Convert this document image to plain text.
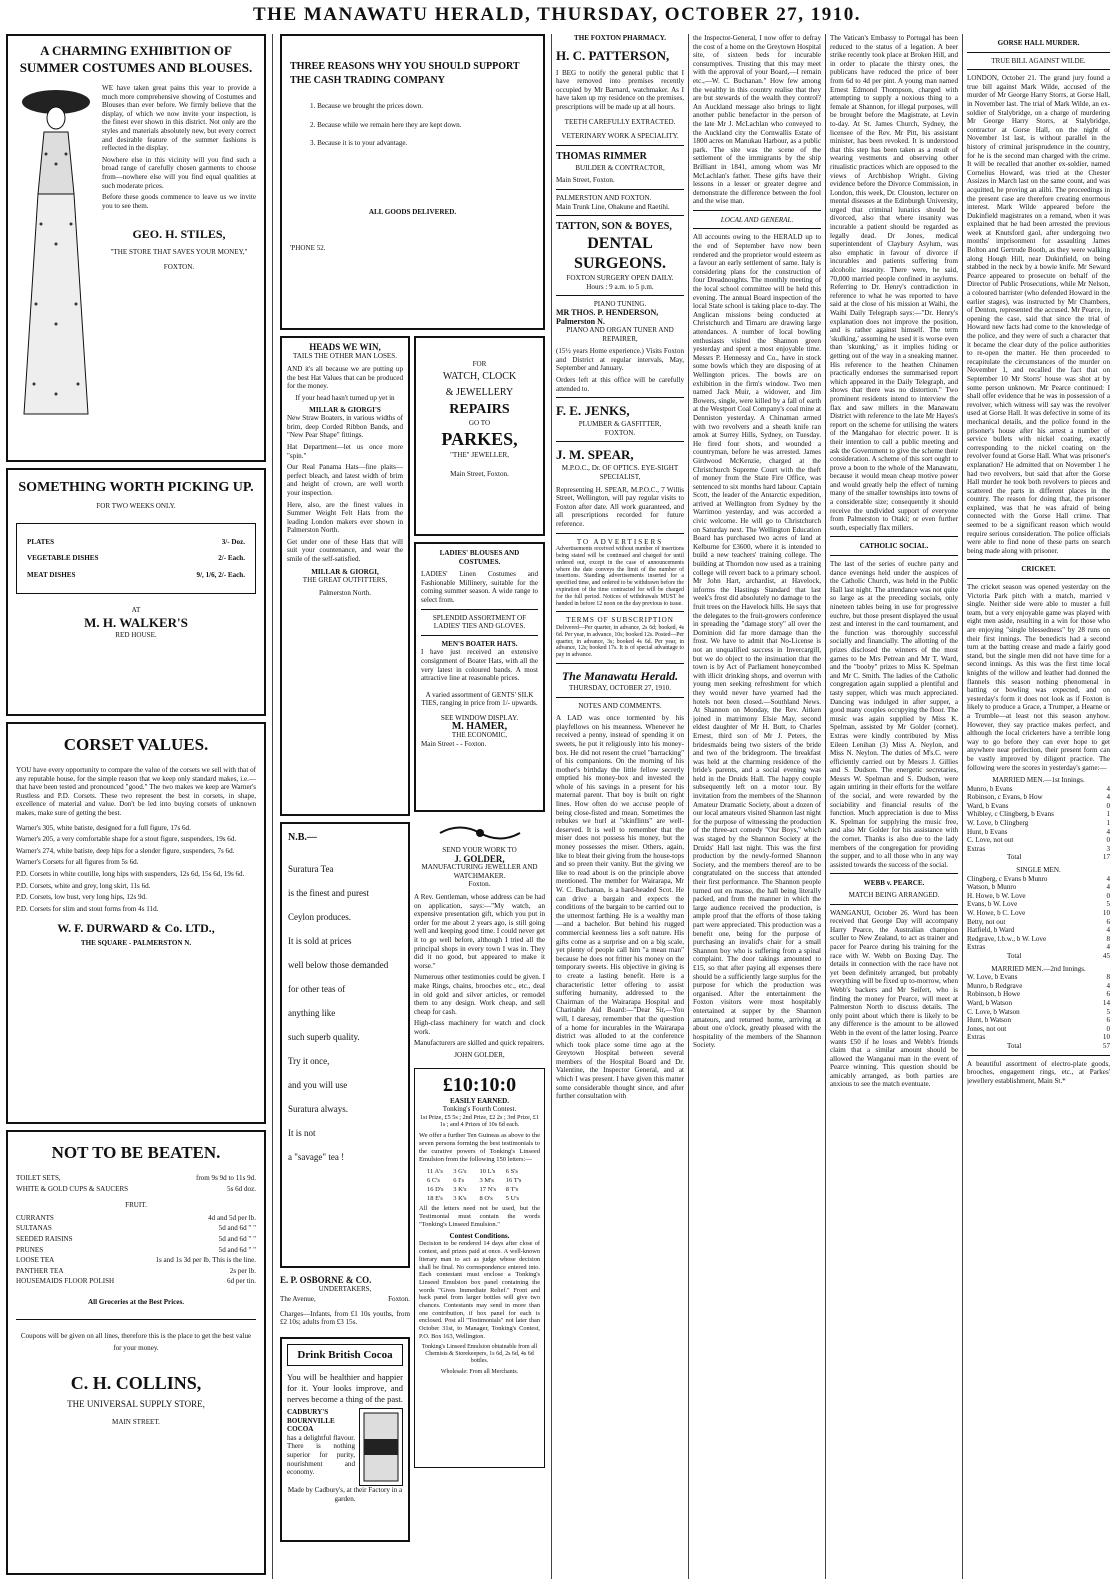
THE MANAWATU HERALD, THURSDAY, OCTOBER 27, 1910.
A CHARMING EXHIBITION OF SUMMER COSTUMES AND BLOUSES.

WE have taken great pains this year to provide a much more comprehensive showing of Costumes and Blouses than ever before. We firmly believe that the display, of which we now invite your inspection, is the finest ever shown in this district. Not only are the styles and materials absolutely new, but every correct and desirable feature of the summer fashions is reflected in the display.

Nowhere else in this vicinity will you find such a broad range of carefully chosen garments to choose from—nowhere else will you find equal qualities at such moderate prices.

Before these goods commence to leave us we invite you to see them.

GEO. H. STILES,
"THE STORE THAT SAVES YOUR MONEY,"
FOXTON.
SOMETHING WORTH PICKING UP.
FOR TWO WEEKS ONLY.
PLATES	3/- Doz.
VEGETABLE DISHES	2/- Each.
MEAT DISHES	9/, 1/6, 2/- Each.
AT
M. H. WALKER'S
RED HOUSE.
CORSET VALUES.

YOU have every opportunity to compare the value of the corsets we sell with that of any reputable house, for the simple reason that we keep only standard makes, i.e.—that have been tested and pronounced "good." The two makes we keep are Warner's Rustless and P.D. Corsets. These two represent the best in corsets, in shape, excellence of material and value. Don't be led into buying corsets of unknown makes, make sure of getting the best.

Warner's 305, white batiste, designed for a full figure, 17s 6d.

Warner's 205, a very comfortable shape for a stout figure, suspenders, 19s 6d.

Warner's 274, white batiste, deep hips for a slender figure, suspenders, 7s 6d.

Warner's Corsets for all figures from 5s 6d.

P.D. Corsets in white coutille, long hips with suspenders, 12s 6d, 15s 6d, 19s 6d.

P.D. Corsets, white and grey, long skirt, 11s 6d.

P.D. Corsets, low bust, very long hips, 12s 9d.

P.D. Corsets for slim and stout forms from 4s 11d.

W. F. DURWARD & Co. LTD.,
THE SQUARE - PALMERSTON N.
NOT TO BE BEATEN.
TOILET SETS,	from 9s 9d to 11s 9d.
WHITE & GOLD CUPS & SAUCERS	5s 6d doz.
FRUIT.
CURRANTS	4d and 5d per lb.
SULTANAS	5d and 6d " "
SEEDED RAISINS	5d and 6d " "
PRUNES	5d and 6d " "
LOOSE TEA	1s and 1s 3d per lb. This is the line.
PANTHER TEA	2s per lb.
HOUSEMAIDS FLOOR POLISH	6d per tin.
All Groceries at the Best Prices.

Coupons will be given on all lines, therefore this is the place to get the best value for your money.

C. H. COLLINS,
THE UNIVERSAL SUPPLY STORE,
MAIN STREET.
THREE REASONS WHY YOU SHOULD SUPPORT THE CASH TRADING COMPANY
1. Because we brought the prices down.
2. Because while we remain here they are kept down.
3. Because it is to your advantage.
ALL GOODS DELIVERED.
'PHONE 52.
HEADS WE WIN,
TAILS THE OTHER MAN LOSES.

AND it's all because we are putting up the best Hat Values that can be produced for the money.

If your head hasn't turned up yet in

MILLAR & GIORGI'S

New Straw Boaters, in various widths of brim, deep Corded Ribbon Bands, and "New Pear Shape" fittings.

Hat Department—let us once more "spin."

Our Real Panama Hats—fine plaits—perfect bleach, and latest width of brim and height of crown, are well worth your inspection.

Here, also, are the finest values in Summer Weight Felt Hats from the leading London makers ever shown in Palmerston North.

Get under one of these Hats that will suit your countenance, and wear the smile of the self-satisfied.

MILLAR & GIORGI,
THE GREAT OUTFITTERS,
Palmerston North.
N.B.—
Suratura Tea
is the finest and purest
Ceylon produces.
It is sold at prices
well below those demanded
for other teas of
anything like
such superb quality.
Try it once,
and you will use
Suratura always.
It is not
a "savage" tea !
E. P. OSBORNE & CO.
UNDERTAKERS,
The Avenue,	Foxton.

Charges—Infants, from £1 10s youths, from £2 10s; adults from £3 15s.

Drink British Cocoa

You will be healthier and happier for it. Your looks improve, and nerves become a thing of the past.

CADBURY'S BOURNVILLE COCOA

has a delightful flavour. There is nothing superior for purity, nourishment and economy.

Made by Cadbury's, at their Factory in a garden.
FOR
WATCH, CLOCK
& JEWELLERY
REPAIRS
GO TO
PARKES,
"THE" JEWELLER,
Main Street, Foxton.
LADIES' BLOUSES AND COSTUMES.

LADIES' Linen Costumes and Fashionable Millinery, suitable for the coming summer season. A wide range to select from.

SPLENDID ASSORTMENT OF LADIES' TIES AND GLOVES.
MEN'S BOATER HATS.

I have just received an extensive consignment of Boater Hats, with all the very latest in coloured bands. A most attractive line at reasonable prices.

A varied assortment of GENTS' SILK TIES, ranging in price from 1/- upwards.

SEE WINDOW DISPLAY.
M. HAMER,
THE ECONOMIC,
Main Street - - Foxton.
SEND YOUR WORK TO
J. GOLDER,
MANUFACTURING JEWELLER AND WATCHMAKER.
Foxton.

A Rev. Gentleman, whose address can be had on application, says:—"My watch, an expensive presentation gift, which you put in order for me about 2 years ago, is still going well and keeping good time. I could never get it to go well before, although I tried all the principal shops in every town I was in. They did it no good, but appeared to make it worse."

Numerous other testimonies could be given. I make Rings, chains, brooches etc., etc., deal in old gold and silver articles, or remodel them to any design. Work cheap, and sell cheap for cash.

High-class machinery for watch and clock work.

Manufacturers are skilled and quick repairers.

JOHN GOLDER,
£10:10:0
EASILY EARNED.
Tonking's Fourth Contest.

1st Prize, £5 5s ; 2nd Prize, £2 2s ; 3rd Prize, £1 1s ; and 4 Prizes of 10s 6d each.

We offer a further Ten Guineas as above to the seven persons forming the best testimonials to the curative powers of Tonking's Linseed Emulsion from the following 150 letters:—

11 A's	3 G's	10 L's	6 S's
6 C's	6 I's	3 M's	16 T's
16 D's	3 K's	17 N's	8 T's
18 E's	3 K's	8 O's	5 U's

All the letters need not be used, but the Testimonial must contain the words "Tonking's Linseed Emulsion."

Contest Conditions.

Decision to be rendered 14 days after close of contest, and prizes paid at once. A well-known literary man to act as judge whose decision shall be final. No correspondence entered into. Each contestant must enclose a Tonking's Linseed Emulsion box panel containing the words "Gives Immediate Relief." Front and back panel from larger bottles will give two chances. Contestants may send in more than one contribution, if box panel for each is enclosed. Post all "Testimonials" not later than October 31st, to Manager, Tonking's Contest, P.O. Box 163, Wellington.

Tonking's Linseed Emulsion obtainable from all Chemists & Storekeepers, 1s 6d, 2s 6d, 4s 6d bottles.

Wholesale: From all Merchants.
THE FOXTON PHARMACY.
H. C. PATTERSON,

I BEG to notify the general public that I have removed into premises recently occupied by Mr Barnard, watchmaker. As I have taken up my residence on the premises, prescriptions will be made up at all hours.

TEETH CAREFULLY EXTRACTED.
VETERINARY WORK A SPECIALITY.
THOMAS RIMMER
BUILDER & CONTRACTOR,
Main Street, Foxton.
PALMERSTON AND FOXTON.
Main Trunk Line, Ohakune and Raetihi.
TATTON, SON & BOYES,
DENTAL SURGEONS.
FOXTON SURGERY OPEN DAILY.
Hours : 9 a.m. to 5 p.m.
PIANO TUNING.
MR THOS. P. HENDERSON, Palmerston N.
PIANO AND ORGAN TUNER AND REPAIRER,

(15½ years Home experience.) Visits Foxton and District at regular intervals, May, September and January.

Orders left at this office will be carefully attended to.

F. E. JENKS,
PLUMBER & GASFITTER,
FOXTON.
J. M. SPEAR,
M.P.O.C., Dr. OF OPTICS. EYE-SIGHT SPECIALIST,

Representing H. SPEAR, M.P.O.C., 7 Willis Street, Wellington, will pay regular visits to Foxton after date. All work guaranteed, and all prescriptions recorded for future reference.

TO ADVERTISERS

Advertisements received without number of insertions being stated will be continued and charged for until ordered out, except in the case of announcements where the date conveys the limit of the number of insertions. Standing advertisements inserted for a specified time, and ordered to be withdrawn before the expiration of the time contracted for will be charged for the full period. Notices of withdrawals MUST be handed in before 12 noon on the day previous to issue.

TERMS OF SUBSCRIPTION

Delivered—Per quarter, in advance, 2s 6d; booked, 4s 6d. Per year, in advance, 10s; booked 12s. Posted—Per quarter, in advance, 3s; booked 4s 6d. Per year, in advance, 12s; booked 17s. It is of special advantage to pay in advance.

The Manawatu Herald.
THURSDAY, OCTOBER 27, 1910.
NOTES AND COMMENTS.

A LAD was once tormented by his playfellows on his meanness. Whenever he received a penny, instead of spending it on sweets, he put it religiously into his money-box. He did not resent the cruel "barracking" of his companions. On the morning of his mother's birthday the little fellow secretly emptied his money-box and invested the whole of his savings in a present for his maternal parent. That boy is built on right lines. How often do we accuse people of being close-fisted and mean. Sometimes the rebukes we hurl at "skinflints" are well-deserved. It is well to remember that the miser does not possess his money, but the money possesses the miser. Others, again, like to bleat their giving from the house-tops and so preen their vanity. But the giving we like to read about is on the principle above mentioned. The member for Wairarapa, Mr W. C. Buchanan, is a hard-headed Scot. He can drive a bargain and expects the conditions of the bargain to be carried out to the uttermost farthing. He is a wealthy man—and a bachelor. But behind his rugged commercial keenness lies a soft nature. His gifts come as a surprise and on a big scale, yet plenty of people call him "a mean man" because he does not fritter his money on the temporary sweets. His objective in giving is to create a lasting benefit. Here is a characteristic letter offering to assist suffering humanity, addressed to the Chairman of the Wairarapa Hospital and Charitable Aid Board:—"Dear Sir,—You will, I daresay, remember that the question of a home for incurables in the Wairarapa district was alluded to at the conference which took place some time ago at the Greytown Hospital between several members of the Hospital Board and Dr. Valentine, the Inspector General, and at which I was present. I have given this matter some considerable thought since, and after further consultation with

the Inspector-General, I now offer to defray the cost of a home on the Greytown Hospital site, of sixteen beds for incurable consumptives. Trusting that this may meet with the approval of your Board,—I remain etc.,—W. C. Buchanan." How few among the wealthy in this country realise that they are but stewards of the wealth they control? An Auckland message also brings to light another public benefactor in the person of the late Mr J. McLachlan who conveyed to the Auckland city the Cornwallis Estate of 1800 acres on Manukau Harbour, as a public park. The site was the scene of the settlement of the immigrants by the ship Brilliant in 1841, among whom was Mr McLachlan's father. These gifts have their lessons in a lesser or greater degree and demonstrate the difference between the fool and the wise man.

LOCAL AND GENERAL.

All accounts owing to the HERALD up to the end of September have now been rendered and the proprietor would esteem as a favour an early settlement of same. Italy is considering plans for the construction of four Dreadnoughts. The monthly meeting of the local school committee will be held this evening. The annual Board inspection of the local State school is taking place to-day. The Anglican missions being conducted at Christchurch and Timaru are drawing large attendances. A number of local bowling enthusiasts visited the Shannon green yesterday and spent a most enjoyable time. Messrs P. Hennessy and Co., have in stock some bowls which they are disposing of at Wellington prices. The bowls are on exhibition in the firm's window. Two men named Jack Muir, a widower, and Jim Bowers, single, were killed by a fall of earth at the Westport Coal Company's coal mine at Denniston yesterday. A Chinaman armed with two revolvers and a sheath knife ran amok at Surrey Hills, Sydney, on Tuesday. He fired four shots, and wounded a countryman, before he was arrested. James Girdwood McKenzie, charged at the Christchurch Supreme Court with the theft of money from the State Fire Office, was sentenced to six months hard labour. Captain Scott, the leader of the Antarctic expedition, arrived at Wellington from Sydney by the Warrimoo yesterday, and was accorded a civic welcome. He will go to Christchurch on Saturday next. The Wellington Education Board has purchased two acres of land at Kelburne for £3600, where it is intended to build a new teachers' training college. The building at Thorndon now used as a training college will revert back to a primary school. Mr John Hart, archardist, at Havelock, informs the Hastings Standard that last week's frost did absolutely no damage to the fruit trees on the Havelock hills. He says that the delegates to the fruit-growers conference in spreading the "damage story" all over the Dominion did far more damage than the frost. We have to admit that No-License is not an unqualified success in Invercargill, but we do object to the insinuation that the town is by Act of Parliament honeycombed with illicit drinking shops, and overrun with young men seeking refreshment for which they would never have yearned had the hotels not been closed.—Southland News. At Shannon on Monday, the Rev. Aitken joined in matrimony Elsie May, second eldest daughter of Mr H. Butt, to Charles Ernest, third son of Mr J. Peters, the bridesmaids being two sisters of the bride and two of the bridegroom. The breakfast was held at the charming residence of the bride's parents, and a social evening was held in the Druids Hall. The happy couple subsequently left on a motor tour. By invitation from the members of the Shannon Amateur Dramatic Society, about a dozen of our local amateurs visited Shannon last night for the purpose of witnessing the production of the three-act comedy "Our Boys," which was staged by the Shannon Society at the Druids' Hall last night. This was the first production by the newly-formed Shannon Society, and the members thereof are to be congratulated on the success that attended their first performance. The Shannon people turned out en masse, the hall being literally packed, and from the manner in which the large audience received the production, is ample proof that the efforts of those taking part were appreciated. This production was a benefit one, being for the purpose of purchasing an invalid's chair for a small Shannon boy who is suffering from a spinal complaint. The door takings amounted to £15, so that after paying all expenses there should be a sufficiently large surplus for the purpose for which the production was organised. After the entertainment the Foxton visitors were most hospitably entertained at supper by the Shannon amateurs, and returned home, arriving at about one o'clock, greatly pleased with the hospitality of the members of the Shannon Society.

The Vatican's Embassy to Portugal has been reduced to the status of a legation. A beer strike recently took place at Broken Hill, and in order to placate the thirsty ones, the publicans have reduced the price of beer from 6d to 4d per pint. A young man named Ernest Edmond Thompson, charged with attempting to supply a noxious thing to a female at Shannon, for illegal purposes, will be brought before the Magistrate, at Levin to-day. At St. James Church, Sydney, the licensee of the Rev. Mr Pitt, his assistant minister, has been revoked. It is understood that this step has been taken as a result of wearing vestments and observing other ritualistic practices which are opposed to the views of Archbishop Wright. Giving evidence before the Divorce Commission, in London, this week, Dr. Clouston, lecturer on mental diseases at the Edinburgh University, urged that criminal lunatics should be divorced, also that where insanity was incurable a patient should be regarded as legally dead. Dr Jones, medical superintendent of Claybury Asylum, was also emphatic in favour of divorce if incurables and patients suffering from alcoholic insanity. There were, he said, 70,000 married people confined in asylums. Referring to Dr. Henry's contradiction in reference to what he was reported to have said at the close of his mission at Waihi, the Waihi Daily Telegraph says:—"Dr. Henry's explanation does not improve the position, and is rather against himself. The term 'skulking,' assuming he used it is worse even than 'skunking,' as it implies hiding or getting out of the way in a sneaking manner. His reference to the heathen Chinamen practically endorses the summarised report which appeared in the Daily Telegraph, and shows that there was no distortion." Two prominent residents intend to interview the flax and saw millers in the Manawatu District with reference to the late Mr Hayes's report on the scheme for utilising the waters of the Mangahao for electric power. It is their intention to call a public meeting and ask the Government to give the scheme their consideration. A scheme of this sort ought to prove a boon to the whole of the Manawatu, because it would mean cheap motive power and would greatly help the effect of turning many of the smaller townships into towns of a considerable size; consequently it should receive the undivided support of everyone from Palmerston to Otaki; or even further south, especially flax millers.

CATHOLIC SOCIAL.

The last of the series of euchre party and dance evenings held under the auspices of the Catholic Church, was held in the Public Hall last night. The attendance was not quite so large as at the preceding socials, only nineteen tables being in use for progressive euchre, but those present displayed the usual zest and interest in the card tournament, and the function was thoroughly successful socially and financially. The allotting of the prizes disclosed the winners of the most games to be Mrs Petrean and Mr T. Ward, and the "booby" prizes to Miss K. Spelman and Mr C. Smith. The ladies of the Catholic congregation again supplied a plentiful and tasty supper, which was much appreciated. Dancing was indulged in after supper, a good many couples occupying the floor. The music was again supplied by Miss K. Spelman, assisted by Mr Golder (cornet). Extras were kindly contributed by Miss Eileen Lenihan (3) Miss A. Neylon, and Miss N. Neylon. The duties of M's.C. were efficiently carried out by Messrs J. Gillies and S. Dudson. The energetic secretaries, Messrs W. Spelman and S. Dudson, were again untiring in their efforts for the welfare of the social, and were rewarded by the sociability and financial results of the function. Much appreciation is due to Miss K. Spelman for supplying the music free, and also Mr Golder for his assistance with the cornet. Thanks is also due to the lady members of the congregation for providing the supper, and to all those who in any way assisted towards the success of the social.

WEBB v. PEARCE.
MATCH BEING ARRANGED.

WANGANUI, October 26. Word has been received that George Day will accompany Harry Pearce, the Australian champion sculler to New Zealand, to act as trainer and pacer for Pearce during his training for the race with W. Webb on Boxing Day. The details in connection with the race have not yet been definitely arranged, but probably everything will be fixed up to-morrow, when Webb's backers and Mr Seifert, who is finding the money for Pearce, will meet at Palmerston North to discuss details. The only point about which there is likely to be any difference is the amount to be allowed Webb in the event of the latter losing. Pearce wants £50 if he loses and Webb's friends claim that a similar amount should be allowed the Wanganui man in the event of Pearce winning. This question should be amicably arranged, as both parties are anxious to see the match eventuate.

GORSE HALL MURDER.
TRUE BILL AGAINST WILDE.

LONDON, October 21. The grand jury found a true bill against Mark Wilde, accused of the murder of Mr George Harry Storrs, at Gorse Hall, in November last. The trial of Mark Wilde, an ex-soldier of Stalybridge, on a charge of murdering Mr George Harry Storrs, at Stalybridge, contractor at Gorse Hall, on the night of November 1st last, is without parallel in the history of criminal jurisprudence in the country, for he is the second man charged with the crime. It will be recalled that another ex-soldier, named Cornelius Howard, was tried at the Chester Assizes in March last on the same count, and was acquitted, he proving an alibi. The proceedings in the present case are therefore creating enormous interest. Mark Wilde appeared before the Dukinfield magistrates on a remand, when it was explained that he had been arrested the previous week at Knutsford gaol, after undergoing two months' imprisonment for assaulting James Bolton and Gertrude Booth, as they were walking along Hough Hill, near Dukinfield, on being stabbed in the neck by a bowie knife. Mr Seward Pearce appeared to prosecute on behalf of the Director of Public Prosecutions, while Mr Nelson, a coloured barrister (who defended Howard in the earlier stages), was instructed by Mr Chambers, of Denton, represented the accused. Mr Pearce, in opening the case, said that since the trial of Howard new facts had come to the knowledge of the police, and they were of such a character that it became the clear duty of the police authorities to re-open the matter. He then proceeded to recapitulate the circumstances of the murder on November 1, and recalled the fact that on September 10 Mr Storrs' house was shot at by some person unknown. Mr Pearce continued: I shall offer evidence that he was in possession of a revolver, which witness will say was the revolver used at Gorse Hall. It was defective in some of its mechanical details, and the police found in the prisoner's house after his arrest a number of service bullets with nickel coating, exactly corresponding to the nickel coating on the revolver found at Gorse Hall. What was prisoner's explanation? He admitted that on November 1 he had two revolvers, but said that after the Gorse Hall murder he took both revolvers to pieces and scattered the parts in different places in the country. The reason for doing that, the prisoner explained, was that he was afraid of being connected with the Gorse Hall crime. That seemed to be a significant reason which would require serious consideration. The police officials were able to find none of these parts on search being made along with prisoner.

CRICKET.

The cricket season was opened yesterday on the Victoria Park pitch with a match, married v single. Neither side were able to muster a full team, but a very enjoyable game was played with eight men aside, resulting in a win for those who are enjoying "single blessedness" by 28 runs on their first innings. The benedicts had a second turn at the batting crease and made a fairly good stand, but the single men did not have time for a second innings. As this was the first time local knights of the willow and leather had donned the flannels this season nothing phenomenal in batting or bowling was expected, and on yesterday's form it does not look as if Foxton is likely to produce a Grace, a Trumper, a Hearne or a Trumble—at least not this season anyhow. However, they say practice makes perfect, and although the local cricketers have a terrible long way to go before they can ever hope to get anywhere near perfection, their present form can be vastly improved by diligent practice. The following were the scores in yesterday's game:—

MARRIED MEN.—1st Innings.
Munro, b Evans	4
Robinson, c Evans, b How	4
Ward, b Evans	0
Whibley, c Clingberg, b Evans	1
W. Love, b Clingberg	1
Hunt, b Evans	4
C. Love, not out	0
Extras	3
Total	17
SINGLE MEN.
Clingberg, c Evans b Munro	4
Watson, b Munro	4
H. Howe, b W. Love	0
Evans, b W. Love	5
W. Howe, b C. Love	10
Betty, not out	6
Hatfield, b Ward	4
Redgrave, l.b.w., b W. Love	8
Extras	4
Total	45
MARRIED MEN.—2nd Innings.
W. Love, b Evans	8
Munro, b Redgrave	4
Robinson, b Howe	6
Ward, b Watson	14
C. Love, b Watson	5
Hunt, b Watson	6
Jones, not out	0
Extras	10
Total	57

A beautiful assortment of electro-plate goods, brooches, engagement rings, etc., at Parkes' jewellery establishment, Main St.*
